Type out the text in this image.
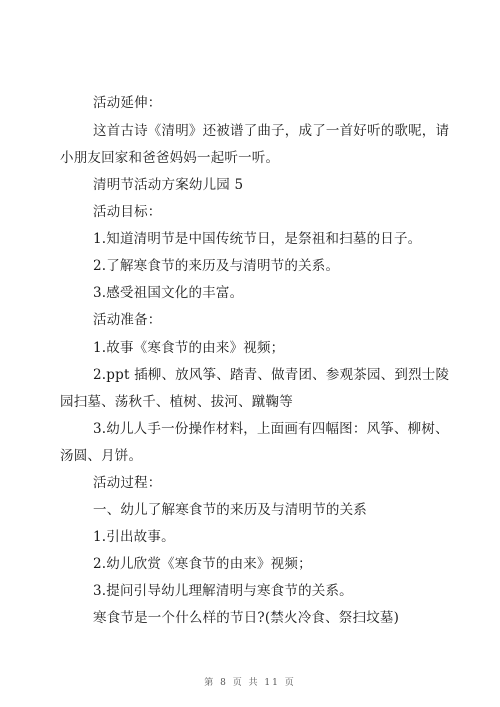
活动延伸：
这首古诗《清明》还被谱了曲子，成了一首好听的歌呢，请
小朋友回家和爸爸妈妈一起听一听。
清明节活动方案幼儿园 5
活动目标：
1.知道清明节是中国传统节日，是祭祖和扫墓的日子。
2.了解寒食节的来历及与清明节的关系。
3.感受祖国文化的丰富。
活动准备：
1.故事《寒食节的由来》视频；
2.ppt 插柳、放风筝、踏青、做青团、参观茶园、到烈士陵
园扫墓、荡秋千、植树、拔河、蹴鞠等
3.幼儿人手一份操作材料，上面画有四幅图：风筝、柳树、
汤圆、月饼。
活动过程：
一、幼儿了解寒食节的来历及与清明节的关系
1.引出故事。
2.幼儿欣赏《寒食节的由来》视频；
3.提问引导幼儿理解清明与寒食节的关系。
寒食节是一个什么样的节日?(禁火冷食、祭扫坟墓)
第 8 页 共 11 页
